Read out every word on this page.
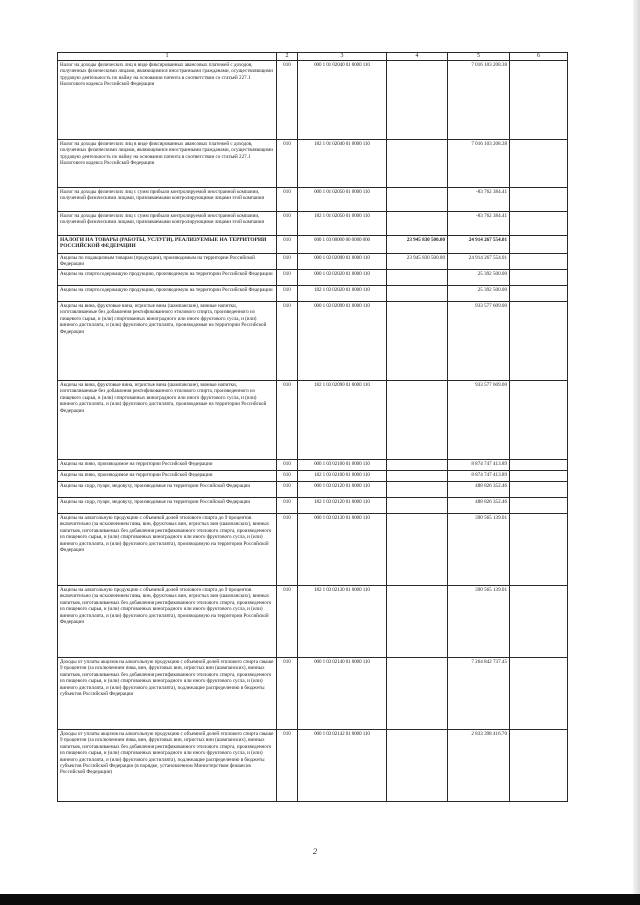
1	2	3	4	5	6
Налог на доходы физических лиц в виде фиксированных авансовых платежей с доходов, полученных физическими лицами, являющимися иностранными гражданами, осуществляющими трудовую деятельность по найму на основании патента в соответствии со статьей 227.1 Налогового кодекса Российской Федерации	010	000 1 01 02040 01 0000 110		7 016 103 208.38	
Налог на доходы физических лиц в виде фиксированных авансовых платежей с доходов, полученных физическими лицами, являющимися иностранными гражданами, осуществляющими трудовую деятельность по найму на основании патента в соответствии со статьей 227.1 Налогового кодекса Российской Федерации	010	182 1 01 02040 01 0000 110		7 016 103 208.38	
Налог на доходы физических лиц с сумм прибыли контролируемой иностранной компании, полученной физическими лицами, признаваемыми контролирующими лицами этой компании	010	000 1 01 02050 01 0000 110		-83 762 384.41	
Налог на доходы физических лиц с сумм прибыли контролируемой иностранной компании, полученной физическими лицами, признаваемыми контролирующими лицами этой компании	010	182 1 01 02050 01 0000 110		-83 762 384.41	
НАЛОГИ НА ТОВАРЫ (РАБОТЫ, УСЛУГИ), РЕАЛИЗУЕМЫЕ НА ТЕРРИТОРИИ РОССИЙСКОЙ ФЕДЕРАЦИИ	010	000 1 03 00000 00 0000 000	23 945 830 500.00	24 914 267 554.01	
Акцизы по подакцизным товарам (продукции), производимым на территории Российской Федерации	010	000 1 03 02000 01 0000 110	23 945 830 500.00	24 914 267 554.01	
Акцизы на спиртосодержащую продукцию, производимую на территории Российской Федерации	010	000 1 03 02020 01 0000 110		25 392 500.00	
Акцизы на спиртосодержащую продукцию, производимую на территории Российской Федерации	010	182 1 03 02020 01 0000 110		25 392 500.00	
Акцизы на вина, фруктовые вина, игристые вина (шампанские), винные напитки, изготавливаемые без добавления ректификованного этилового спирта, произведенного из пищевого сырья, и (или) спиртованных виноградного или иного фруктового сусла, и (или) винного дистиллята, и (или) фруктового дистиллята, производимые на территории Российской Федерации	010	000 1 03 02090 01 0000 110		933 577 609.00	
Акцизы на вина, фруктовые вина, игристые вина (шампанские), винные напитки, изготавливаемые без добавления ректификованного этилового спирта, произведенного из пищевого сырья, и (или) спиртованных виноградного или иного фруктового сусла, и (или) винного дистиллята, и (или) фруктового дистиллята, производимые на территории Российской Федерации	010	182 1 03 02090 01 0000 110		933 577 609.00	
Акцизы на пиво, производимое на территории Российской Федерации	010	000 1 03 02100 01 0000 110		8 874 747 413.89	
Акцизы на пиво, производимое на территории Российской Федерации	010	182 1 03 02100 01 0000 110		8 874 747 413.89	
Акцизы на сидр, пуаре, медовуху, производимые на территории Российской Федерации	010	000 1 03 02120 01 0000 110		488 826 352.46	
Акцизы на сидр, пуаре, медовуху, производимые на территории Российской Федерации	010	182 1 03 02120 01 0000 110		488 826 352.46	
Акцизы на алкогольную продукцию с объемной долей этилового спирта до 9 процентов включительно (за исключением пива, вин, фруктовых вин, игристых вин (шампанских), винных напитков, изготавливаемых без добавления ректификованного этилового спирта, произведенного из пищевого сырья, и (или) спиртованных виноградного или иного фруктового сусла, и (или) винного дистиллята, и (или) фруктового дистиллята), производимую на территории Российской Федерации	010	000 1 03 02130 01 0000 110		390 565 139.01	
Акцизы на алкогольную продукцию с объемной долей этилового спирта до 9 процентов включительно (за исключением пива, вин, фруктовых вин, игристых вин (шампанских), винных напитков, изготавливаемых без добавления ректификованного этилового спирта, произведенного из пищевого сырья, и (или) спиртованных виноградного или иного фруктового сусла, и (или) винного дистиллята, и (или) фруктового дистиллята), производимую на территории Российской Федерации	010	182 1 03 02130 01 0000 110		390 565 139.01	
Доходы от уплаты акцизов на алкогольную продукцию с объемной долей этилового спирта свыше 9 процентов (за исключением пива, вин, фруктовых вин, игристых вин (шампанских), винных напитков, изготавливаемых без добавления ректификованного этилового спирта, произведенного из пищевого сырья, и (или) спиртованных виноградного или иного фруктового сусла, и (или) винного дистиллята, и (или) фруктового дистиллята), подлежащие распределению в бюджеты субъектов Российской Федерации	010	000 1 03 02140 01 0000 110		7 264 842 737.45	
Доходы от уплаты акцизов на алкогольную продукцию с объемной долей этилового спирта свыше 9 процентов (за исключением пива, вин, фруктовых вин, игристых вин (шампанских), винных напитков, изготавливаемых без добавления ректификованного этилового спирта, произведенного из пищевого сырья, и (или) спиртованных виноградного или иного фруктового сусла, и (или) винного дистиллята, и (или) фруктового дистиллята), подлежащие распределению в бюджеты субъектов Российской Федерации (в порядке, установленном Министерством финансов Российской Федерации)	010	000 1 03 02142 01 0000 110		2 833 398 416.70	
2
